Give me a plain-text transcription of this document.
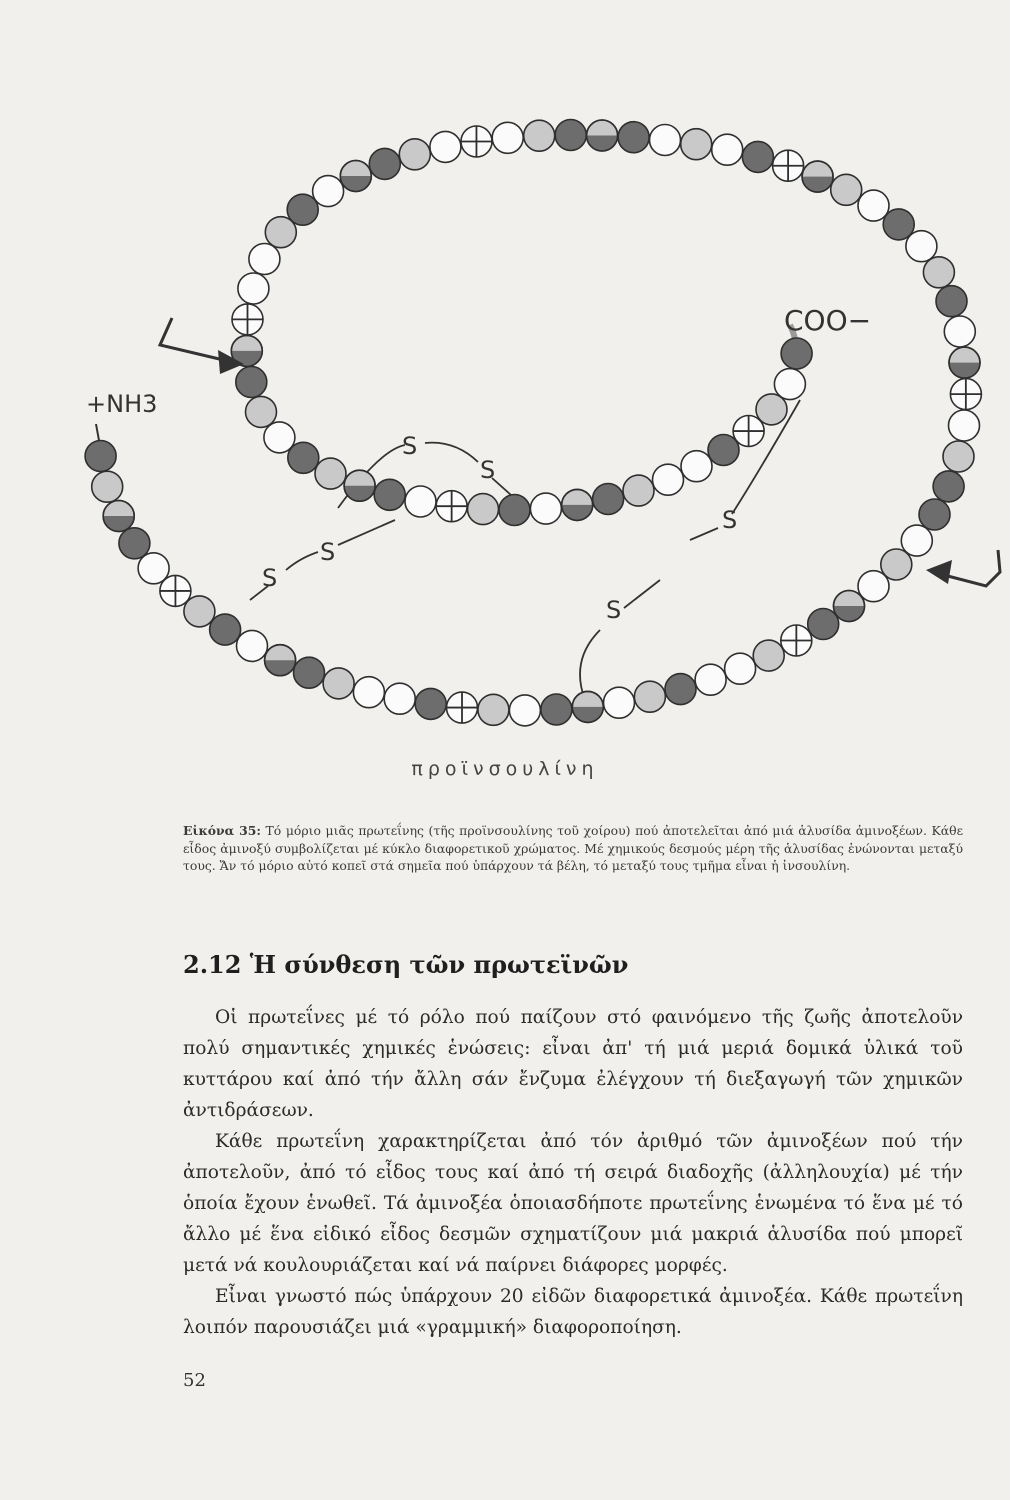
+NH3
COO−
S
S
S
S
S
S
προϊνσουλίνη
Εἰκόνα 35: Τό μόριο μιᾶς πρωτεΐνης (τῆς προϊνσουλίνης τοῦ χοίρου) πού ἀποτελεῖται ἀπό μιά ἁλυσίδα ἀμινοξέων. Κάθε εἶδος ἀμινοξύ συμβολίζεται μέ κύκλο διαφορετικοῦ χρώματος. Μέ χημικούς δεσμούς μέρη τῆς ἁλυσίδας ἑνώνονται μεταξύ τους. Ἄν τό μόριο αὐτό κοπεῖ στά σημεῖα πού ὑπάρχουν τά βέλη, τό μεταξύ τους τμῆμα εἶναι ἡ ἰνσουλίνη.
2.12 Ἡ σύνθεση τῶν πρωτεϊνῶν

Οἱ πρωτεΐνες μέ τό ρόλο πού παίζουν στό φαινόμενο τῆς ζωῆς ἀποτελοῦν πολύ σημαντικές χημικές ἑνώσεις: εἶναι ἀπ' τή μιά μεριά δομικά ὑλικά τοῦ κυττάρου καί ἀπό τήν ἄλλη σάν ἔνζυμα ἐλέγχουν τή διεξαγωγή τῶν χημικῶν ἀντιδράσεων.

Κάθε πρωτεΐνη χαρακτηρίζεται ἀπό τόν ἀριθμό τῶν ἀμινοξέων πού τήν ἀποτελοῦν, ἀπό τό εἶδος τους καί ἀπό τή σειρά διαδοχῆς (ἀλληλουχία) μέ τήν ὁποία ἔχουν ἑνωθεῖ. Τά ἀμινοξέα ὁποιασδήποτε πρωτεΐνης ἑνωμένα τό ἕνα μέ τό ἄλλο μέ ἕνα εἰδικό εἶδος δεσμῶν σχηματίζουν μιά μακριά ἁλυσίδα πού μπορεῖ μετά νά κουλουριάζεται καί νά παίρνει διάφορες μορφές.

Εἶναι γνωστό πώς ὑπάρχουν 20 εἰδῶν διαφορετικά ἀμινοξέα. Κάθε πρωτεΐνη λοιπόν παρουσιάζει μιά «γραμμική» διαφοροποίηση.

52
